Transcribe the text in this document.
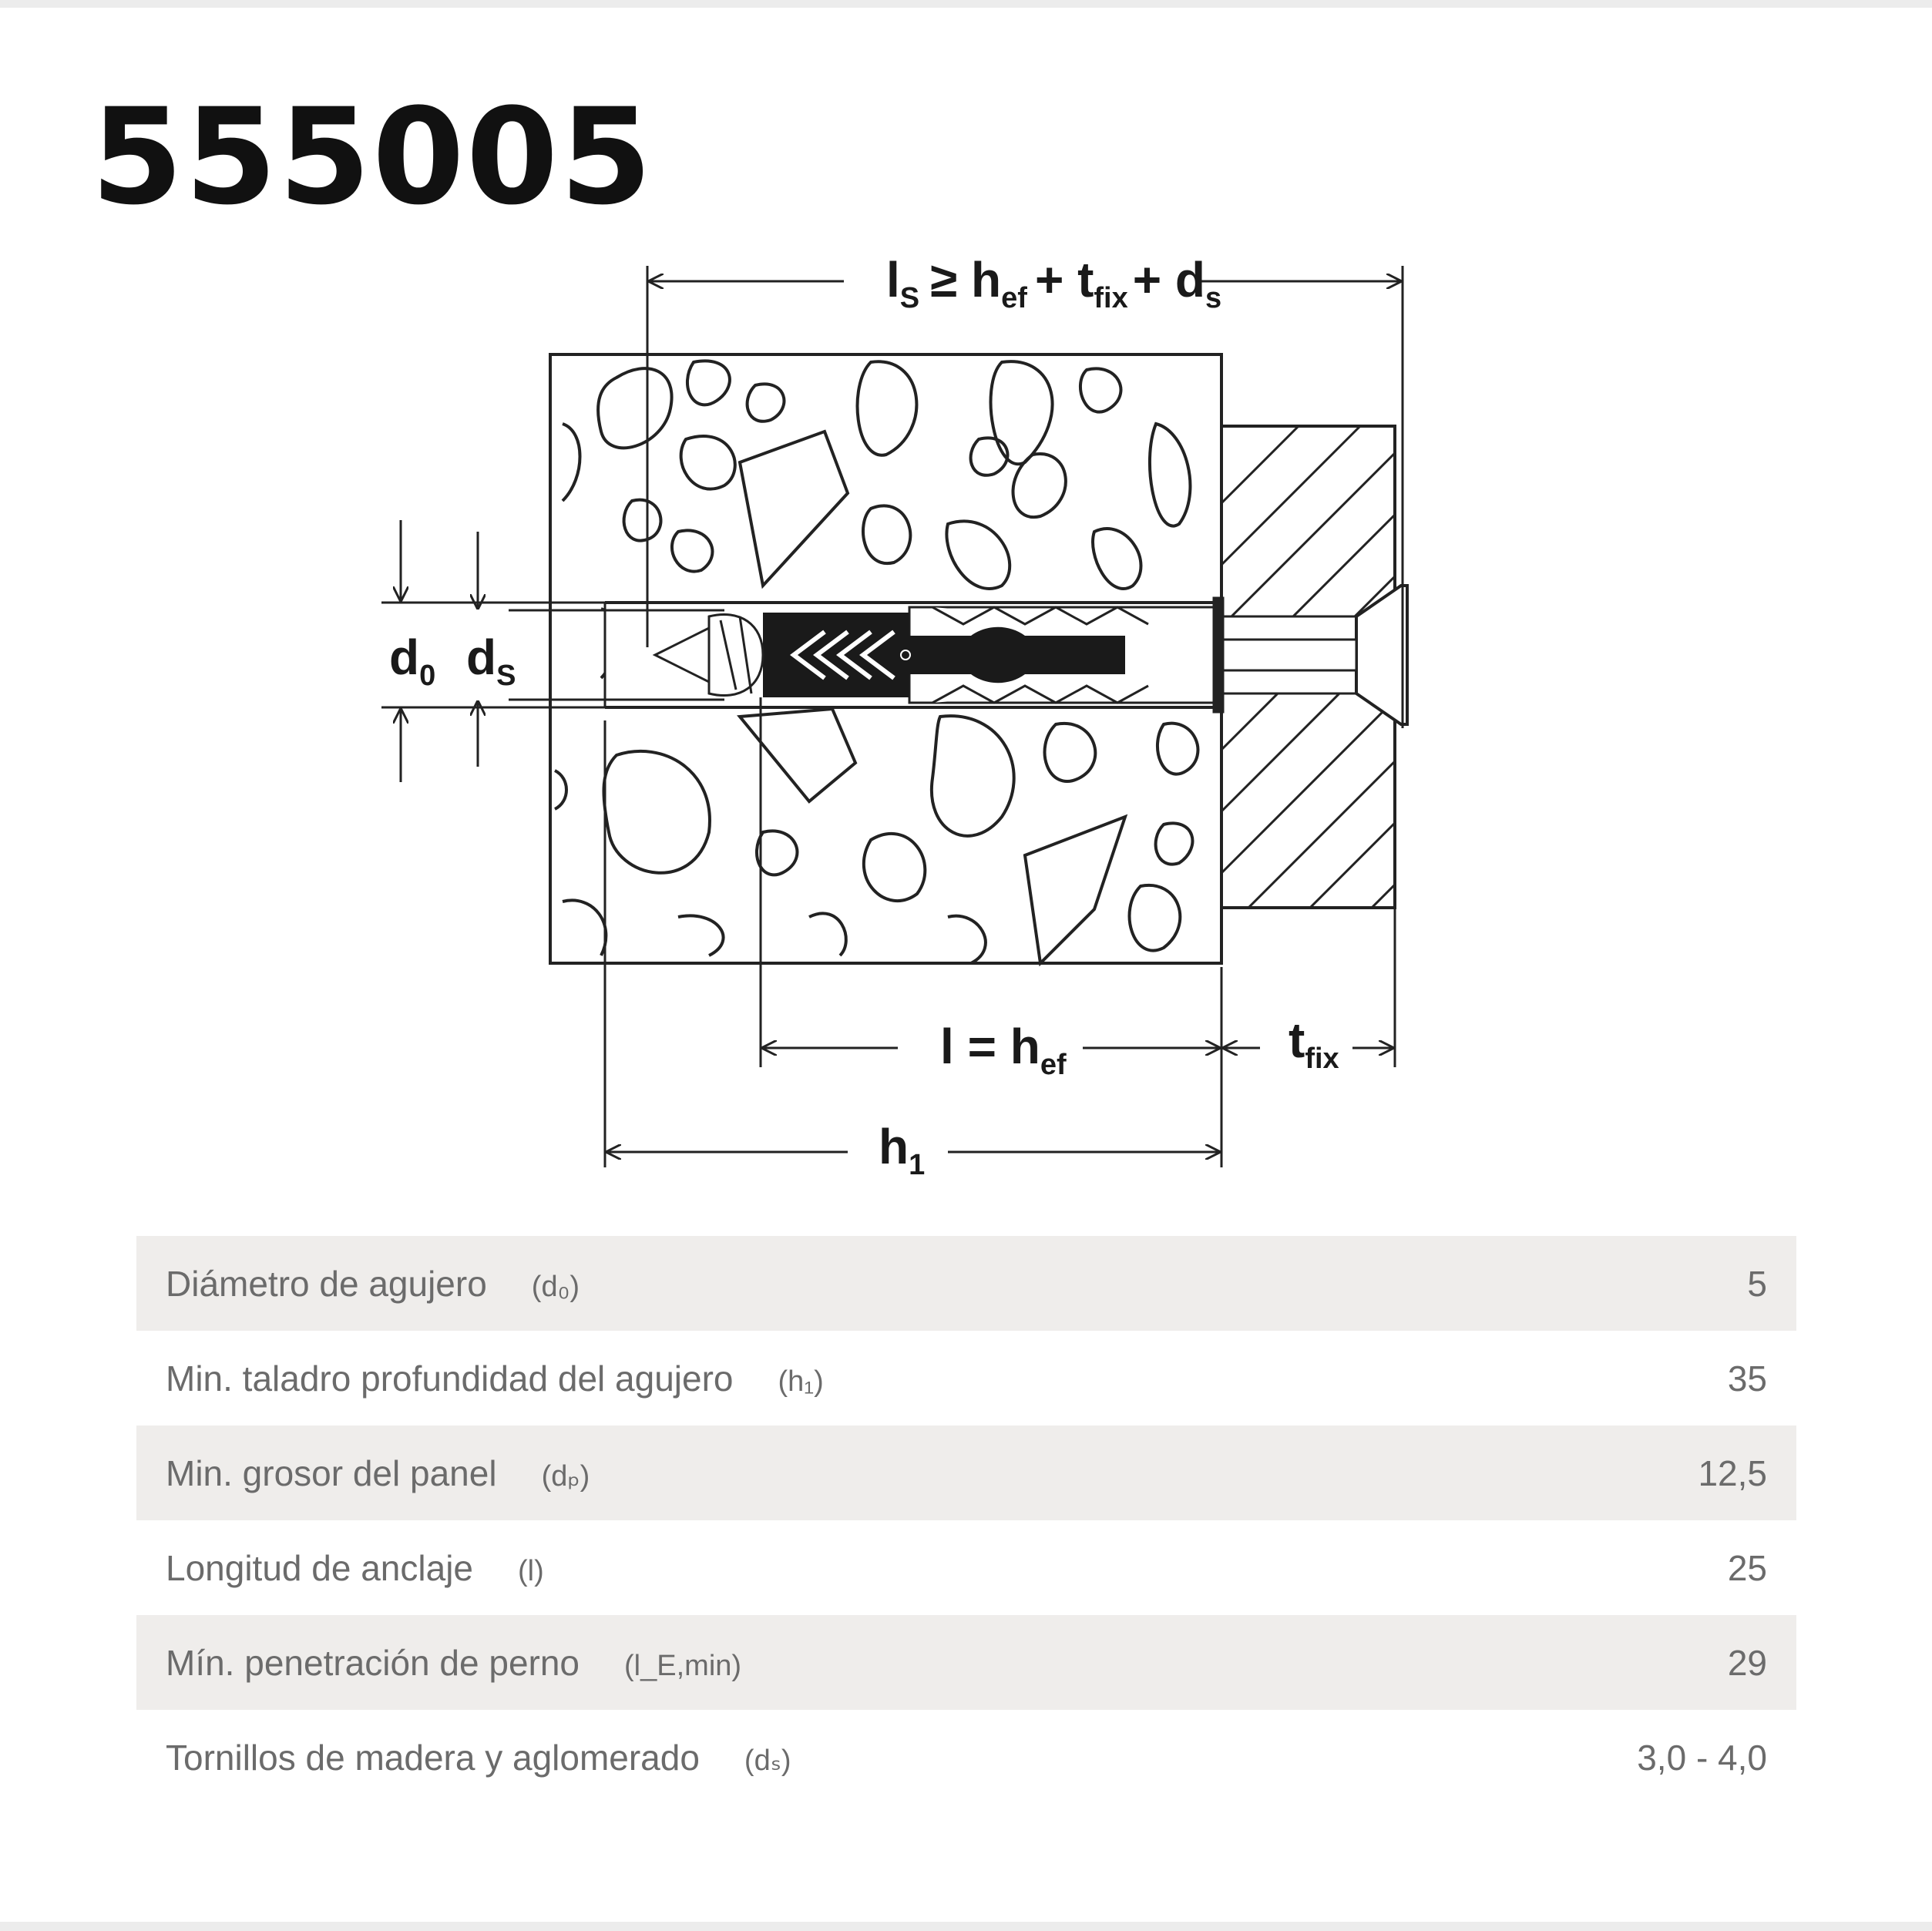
555005
$l_S \ge h_{ef} + t_{fix}+ d_s$
$d_0$ $d_S$
$l = h_{ef}$	$t_{fix}$
$h_1$
Diámetro de agujero (d₀)	5
Min. taladro profundidad del agujero (h₁)	35
Min. grosor del panel (dₚ)	12,5
Longitud de anclaje (l)	25
Mín. penetración de perno (l_E,min)	29
Tornillos de madera y aglomerado (dₛ)	3,0 - 4,0
